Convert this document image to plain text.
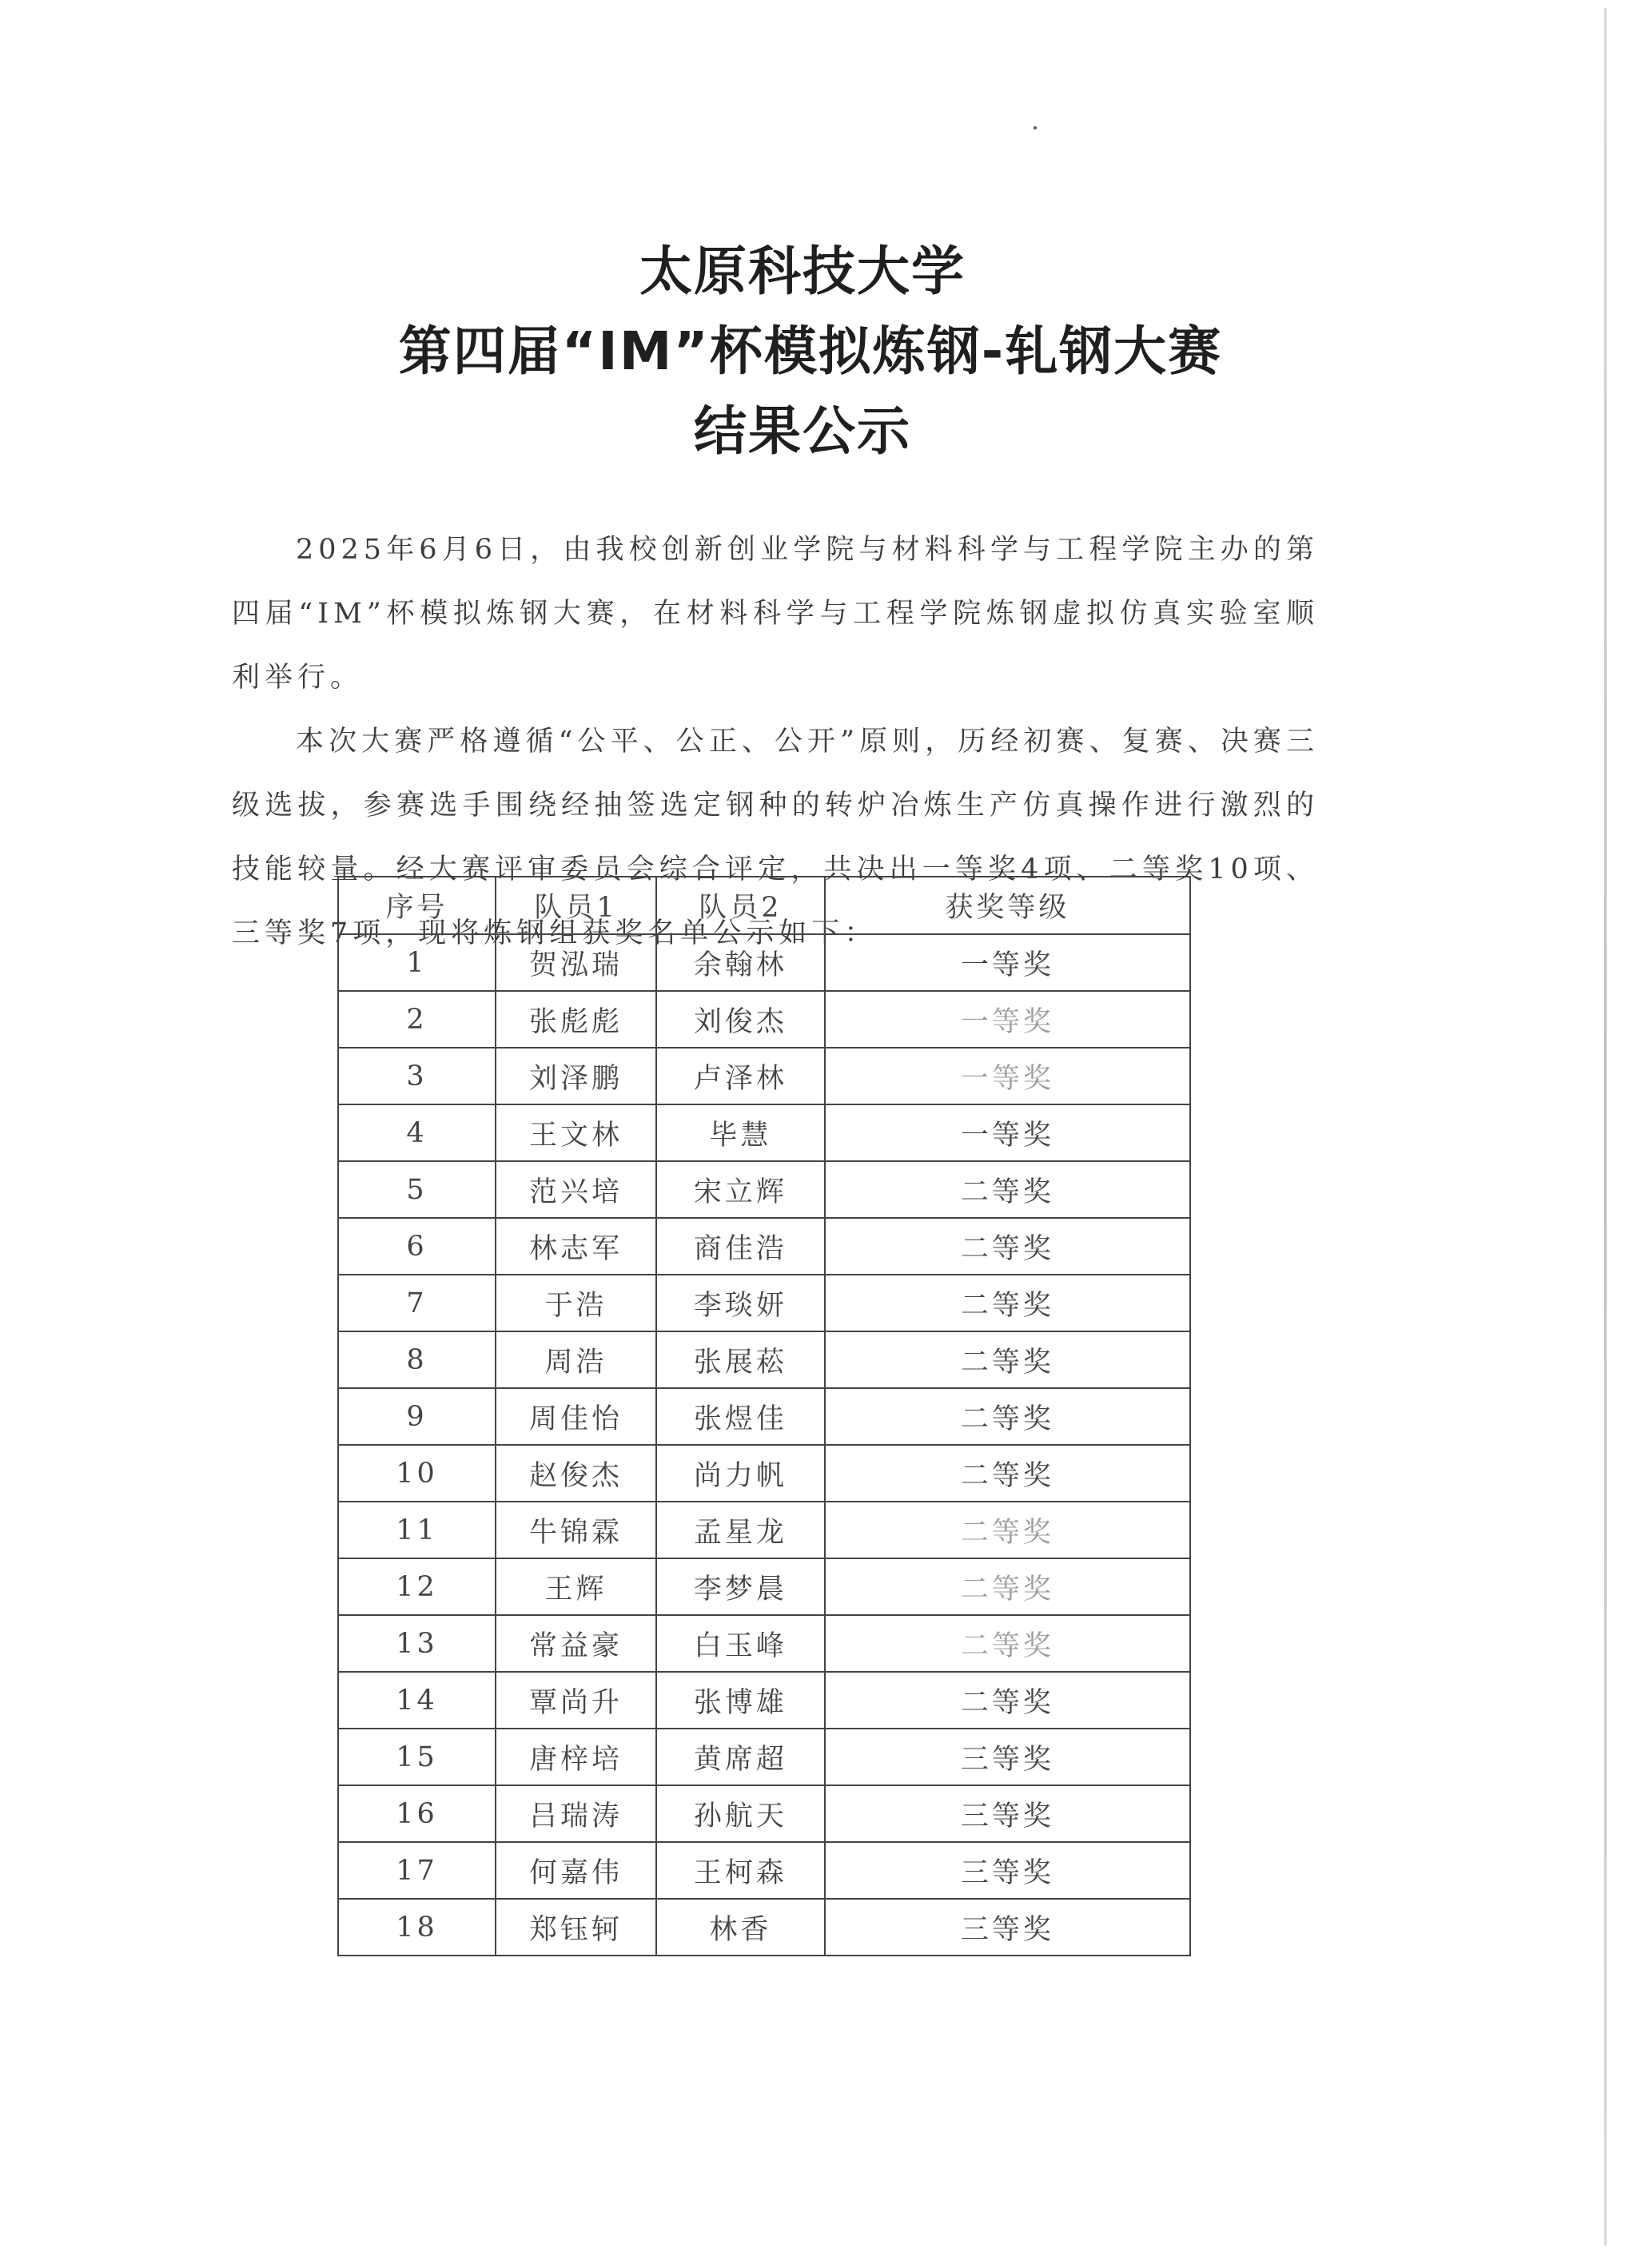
太原科技大学
第四届“IM”杯模拟炼钢-轧钢大赛
结果公示

2025年6月6日，由我校创新创业学院与材料科学与工程学院主办的第四届“IM”杯模拟炼钢大赛，在材料科学与工程学院炼钢虚拟仿真实验室顺利举行。

本次大赛严格遵循“公平、公正、公开”原则，历经初赛、复赛、决赛三级选拔，参赛选手围绕经抽签选定钢种的转炉冶炼生产仿真操作进行激烈的技能较量。经大赛评审委员会综合评定，共决出一等奖4项、二等奖10项、三等奖7项，现将炼钢组获奖名单公示如下：

序号	队员1	队员2	获奖等级
1	贺泓瑞	余翰林	一等奖
2	张彪彪	刘俊杰	一等奖
3	刘泽鹏	卢泽林	一等奖
4	王文林	毕慧	一等奖
5	范兴培	宋立辉	二等奖
6	林志军	商佳浩	二等奖
7	于浩	李琰妍	二等奖
8	周浩	张展菘	二等奖
9	周佳怡	张煜佳	二等奖
10	赵俊杰	尚力帆	二等奖
11	牛锦霖	孟星龙	二等奖
12	王辉	李梦晨	二等奖
13	常益豪	白玉峰	二等奖
14	覃尚升	张博雄	二等奖
15	唐梓培	黄席超	三等奖
16	吕瑞涛	孙航天	三等奖
17	何嘉伟	王柯森	三等奖
18	郑钰轲	林香	三等奖
